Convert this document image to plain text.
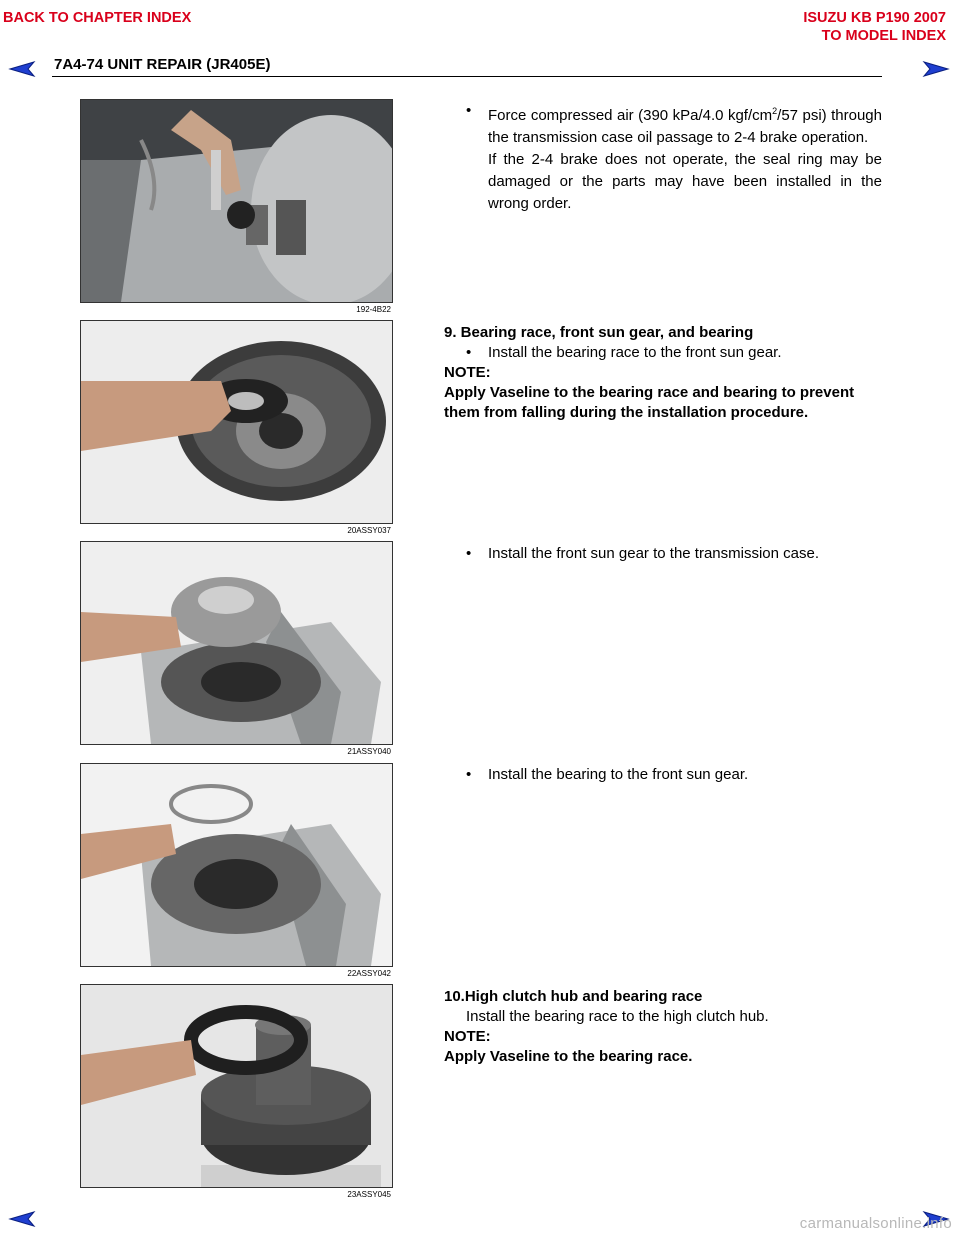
BACK TO CHAPTER INDEX	ISUZU KB P190 2007
TO MODEL INDEX
7A4-74 UNIT REPAIR (JR405E)
192-4B22
20ASSY037
21ASSY040
22ASSY042
23ASSY045

• Force compressed air (390 kPa/4.0 kgf/$cm^2/57$ psi) through the transmission case oil passage to 2-4 brake operation.

If the 2-4 brake does not operate, the seal ring may be damaged or the parts may have been installed in the wrong order.

9. Bearing race, front sun gear, and bearing
• Install the bearing race to the front sun gear.
NOTE:
Apply Vaseline to the bearing race and bearing to prevent them from falling during the installation procedure.
• Install the front sun gear to the transmission case.
• Install the bearing to the front sun gear.
10.High clutch hub and bearing race
Install the bearing race to the high clutch hub.
NOTE:
Apply Vaseline to the bearing race.
carmanualsonline.info
